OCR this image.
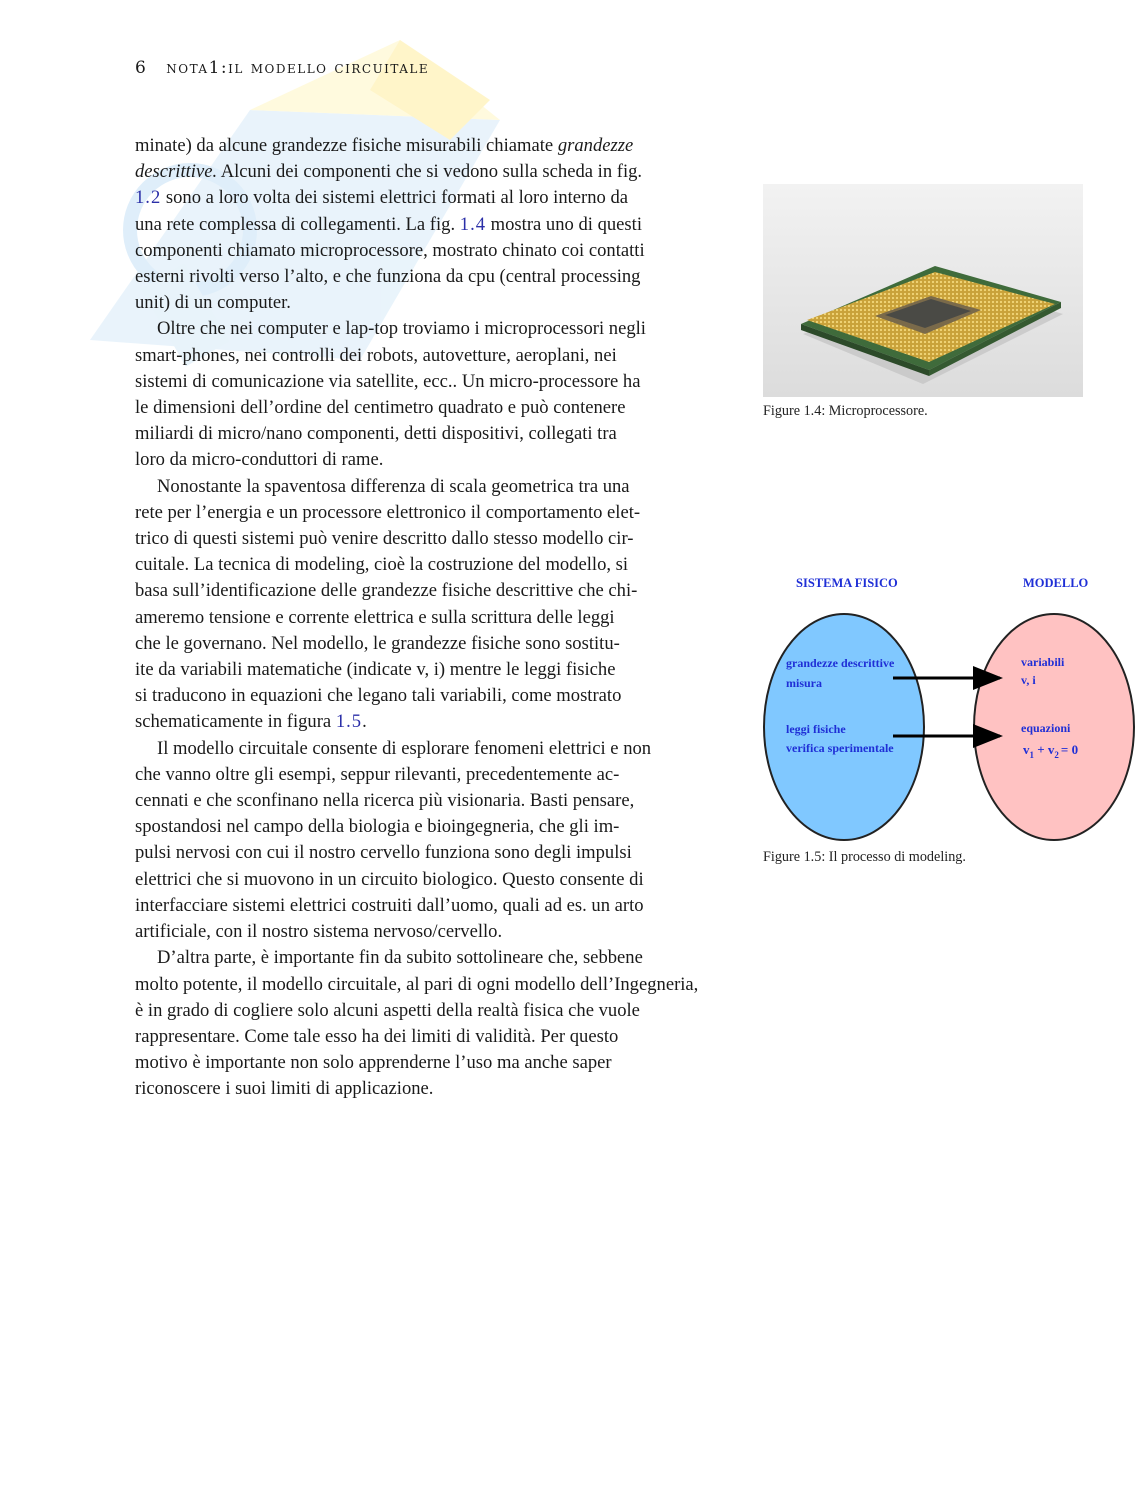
6 nota1:il modello circuitale
minate) da alcune grandezze fisiche misurabili chiamate grandezze
descrittive. Alcuni dei componenti che si vedono sulla scheda in fig.
1.2 sono a loro volta dei sistemi elettrici formati al loro interno da
una rete complessa di collegamenti. La fig. 1.4 mostra uno di questi
componenti chiamato microprocessore, mostrato chinato coi contatti
esterni rivolti verso l’alto, e che funziona da cpu (central processing
unit) di un computer.
Oltre che nei computer e lap-top troviamo i microprocessori negli
smart-phones, nei controlli dei robots, autovetture, aeroplani, nei
sistemi di comunicazione via satellite, ecc.. Un micro-processore ha
le dimensioni dell’ordine del centimetro quadrato e può contenere
miliardi di micro/nano componenti, detti dispositivi, collegati tra
loro da micro-conduttori di rame.
Nonostante la spaventosa differenza di scala geometrica tra una
rete per l’energia e un processore elettronico il comportamento elet-
trico di questi sistemi può venire descritto dallo stesso modello cir-
cuitale. La tecnica di modeling, cioè la costruzione del modello, si
basa sull’identificazione delle grandezze fisiche descrittive che chi-
ameremo tensione e corrente elettrica e sulla scrittura delle leggi
che le governano. Nel modello, le grandezze fisiche sono sostitu-
ite da variabili matematiche (indicate v, i) mentre le leggi fisiche
si traducono in equazioni che legano tali variabili, come mostrato
schematicamente in figura 1.5.
Il modello circuitale consente di esplorare fenomeni elettrici e non
che vanno oltre gli esempi, seppur rilevanti, precedentemente ac-
cennati e che sconfinano nella ricerca più visionaria. Basti pensare,
spostandosi nel campo della biologia e bioingegneria, che gli im-
pulsi nervosi con cui il nostro cervello funziona sono degli impulsi
elettrici che si muovono in un circuito biologico. Questo consente di
interfacciare sistemi elettrici costruiti dall’uomo, quali ad es. un arto
artificiale, con il nostro sistema nervoso/cervello.
D’altra parte, è importante fin da subito sottolineare che, sebbene
molto potente, il modello circuitale, al pari di ogni modello dell’Ingegneria,
è in grado di cogliere solo alcuni aspetti della realtà fisica che vuole
rappresentare. Come tale esso ha dei limiti di validità. Per questo
motivo è importante non solo apprenderne l’uso ma anche saper
riconoscere i suoi limiti di applicazione.
Figure 1.4: Microprocessore.
SISTEMA FISICO	MODELLO
grandezze descrittive
misura
leggi fisiche
verifica sperimentale
variabili
v, i
equazioni
$v_1 + v_2 = 0$
Figure 1.5: Il processo di modeling.
